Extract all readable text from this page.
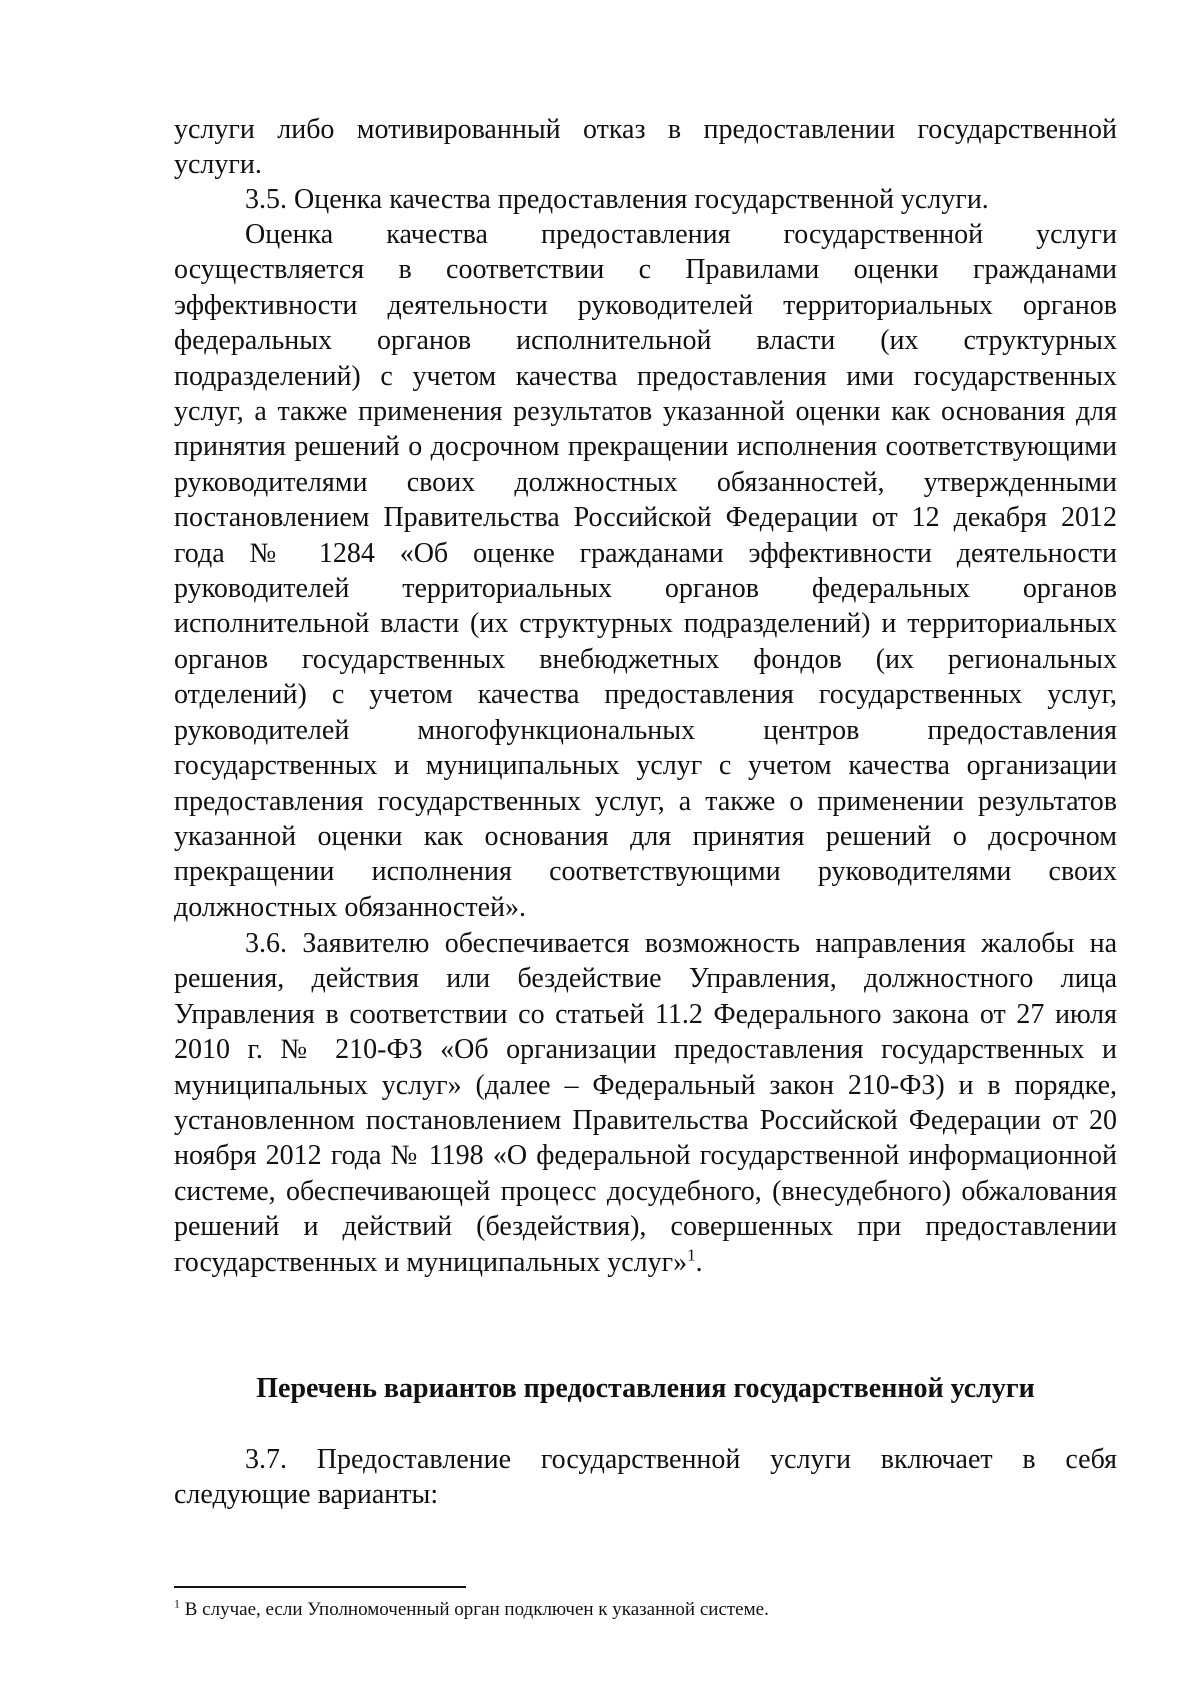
услуги либо мотивированный отказ в предоставлении государственной услуги.

3.5. Оценка качества предоставления государственной услуги.

Оценка качества предоставления государственной услуги осуществляется в соответствии с Правилами оценки гражданами эффективности деятельности руководителей территориальных органов федеральных органов исполнительной власти (их структурных подразделений) с учетом качества предоставления ими государственных услуг, а также применения результатов указанной оценки как основания для принятия решений о досрочном прекращении исполнения соответствующими руководителями своих должностных обязанностей, утвержденными постановлением Правительства Российской Федерации от 12 декабря 2012 года № 1284 «Об оценке гражданами эффективности деятельности руководителей территориальных органов федеральных органов исполнительной власти (их структурных подразделений) и территориальных органов государственных внебюджетных фондов (их региональных отделений) с учетом качества предоставления государственных услуг, руководителей многофункциональных центров предоставления государственных и муниципальных услуг с учетом качества организации предоставления государственных услуг, а также о применении результатов указанной оценки как основания для принятия решений о досрочном прекращении исполнения соответствующими руководителями своих должностных обязанностей».

3.6. Заявителю обеспечивается возможность направления жалобы на решения, действия или бездействие Управления, должностного лица Управления в соответствии со статьей 11.2 Федерального закона от 27 июля 2010 г. № 210-ФЗ «Об организации предоставления государственных и муниципальных услуг» (далее – Федеральный закон 210-ФЗ) и в порядке, установленном постановлением Правительства Российской Федерации от 20 ноября 2012 года № 1198 «О федеральной государственной информационной системе, обеспечивающей процесс досудебного, (внесудебного) обжалования решений и действий (бездействия), совершенных при предоставлении государственных и муниципальных услуг»$^1$.

Перечень вариантов предоставления государственной услуги

3.7. Предоставление государственной услуги включает в себя следующие варианты:

$^1$ В случае, если Уполномоченный орган подключен к указанной системе.
